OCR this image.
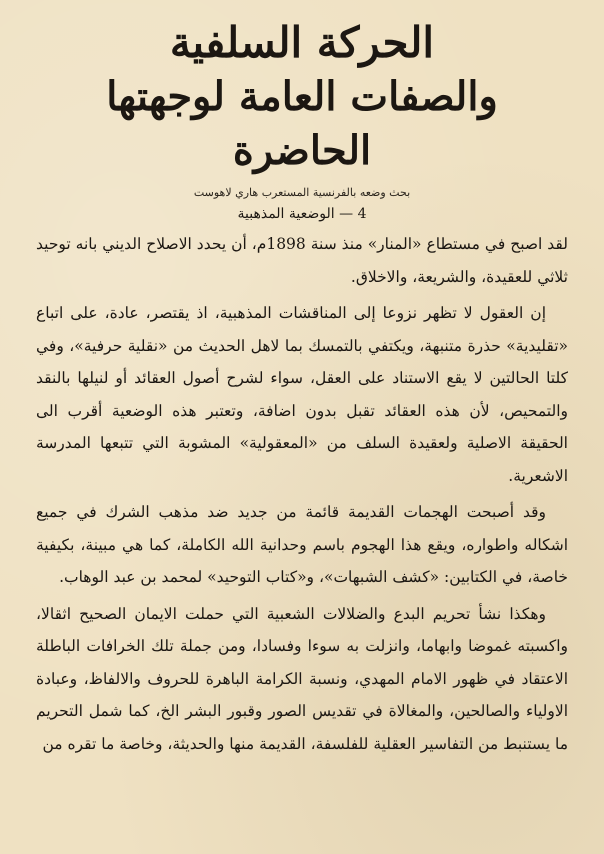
الحركة السلفية
والصفات العامة لوجهتها الحاضرة
بحث وضعه بالفرنسية المستعرب هاري لاهوست
4 — الوضعية المذهبية

لقد اصبح في مستطاع «المنار» منذ سنة 1898م، أن يحدد الاصلاح الديني بانه توحيد ثلاثي للعقيدة، والشريعة، والاخلاق.

إن العقول لا تظهر نزوعا إلى المناقشات المذهبية، اذ يقتصر، عادة، على اتباع «تقليدية» حذرة متنبهة، ويكتفي بالتمسك بما لاهل الحديث من «نقلية حرفية»، وفي كلتا الحالتين لا يقع الاستناد على العقل، سواء لشرح أصول العقائد أو لنيلها بالنقد والتمحيص، لأن هذه العقائد تقبل بدون اضافة، وتعتبر هذه الوضعية أقرب الى الحقيقة الاصلية ولعقيدة السلف من «المعقولية» المشوبة التي تتبعها المدرسة الاشعرية.

وقد أصبحت الهجمات القديمة قائمة من جديد ضد مذهب الشرك في جميع اشكاله واطواره، ويقع هذا الهجوم باسم وحدانية الله الكاملة، كما هي مبينة، بكيفية خاصة، في الكتابين: «كشف الشبهات»، و«كتاب التوحيد» لمحمد بن عبد الوهاب.

وهكذا نشأ تحريم البدع والضلالات الشعبية التي حملت الايمان الصحيح اثقالا، واكسبته غموضا وابهاما، وانزلت به سوءا وفسادا، ومن جملة تلك الخرافات الباطلة الاعتقاد في ظهور الامام المهدي، ونسبة الكرامة الباهرة للحروف والالفاظ، وعبادة الاولياء والصالحين، والمغالاة في تقديس الصور وقبور البشر الخ، كما شمل التحريم ما يستنبط من التفاسير العقلية للفلسفة، القديمة منها والحديثة، وخاصة ما تقره من
